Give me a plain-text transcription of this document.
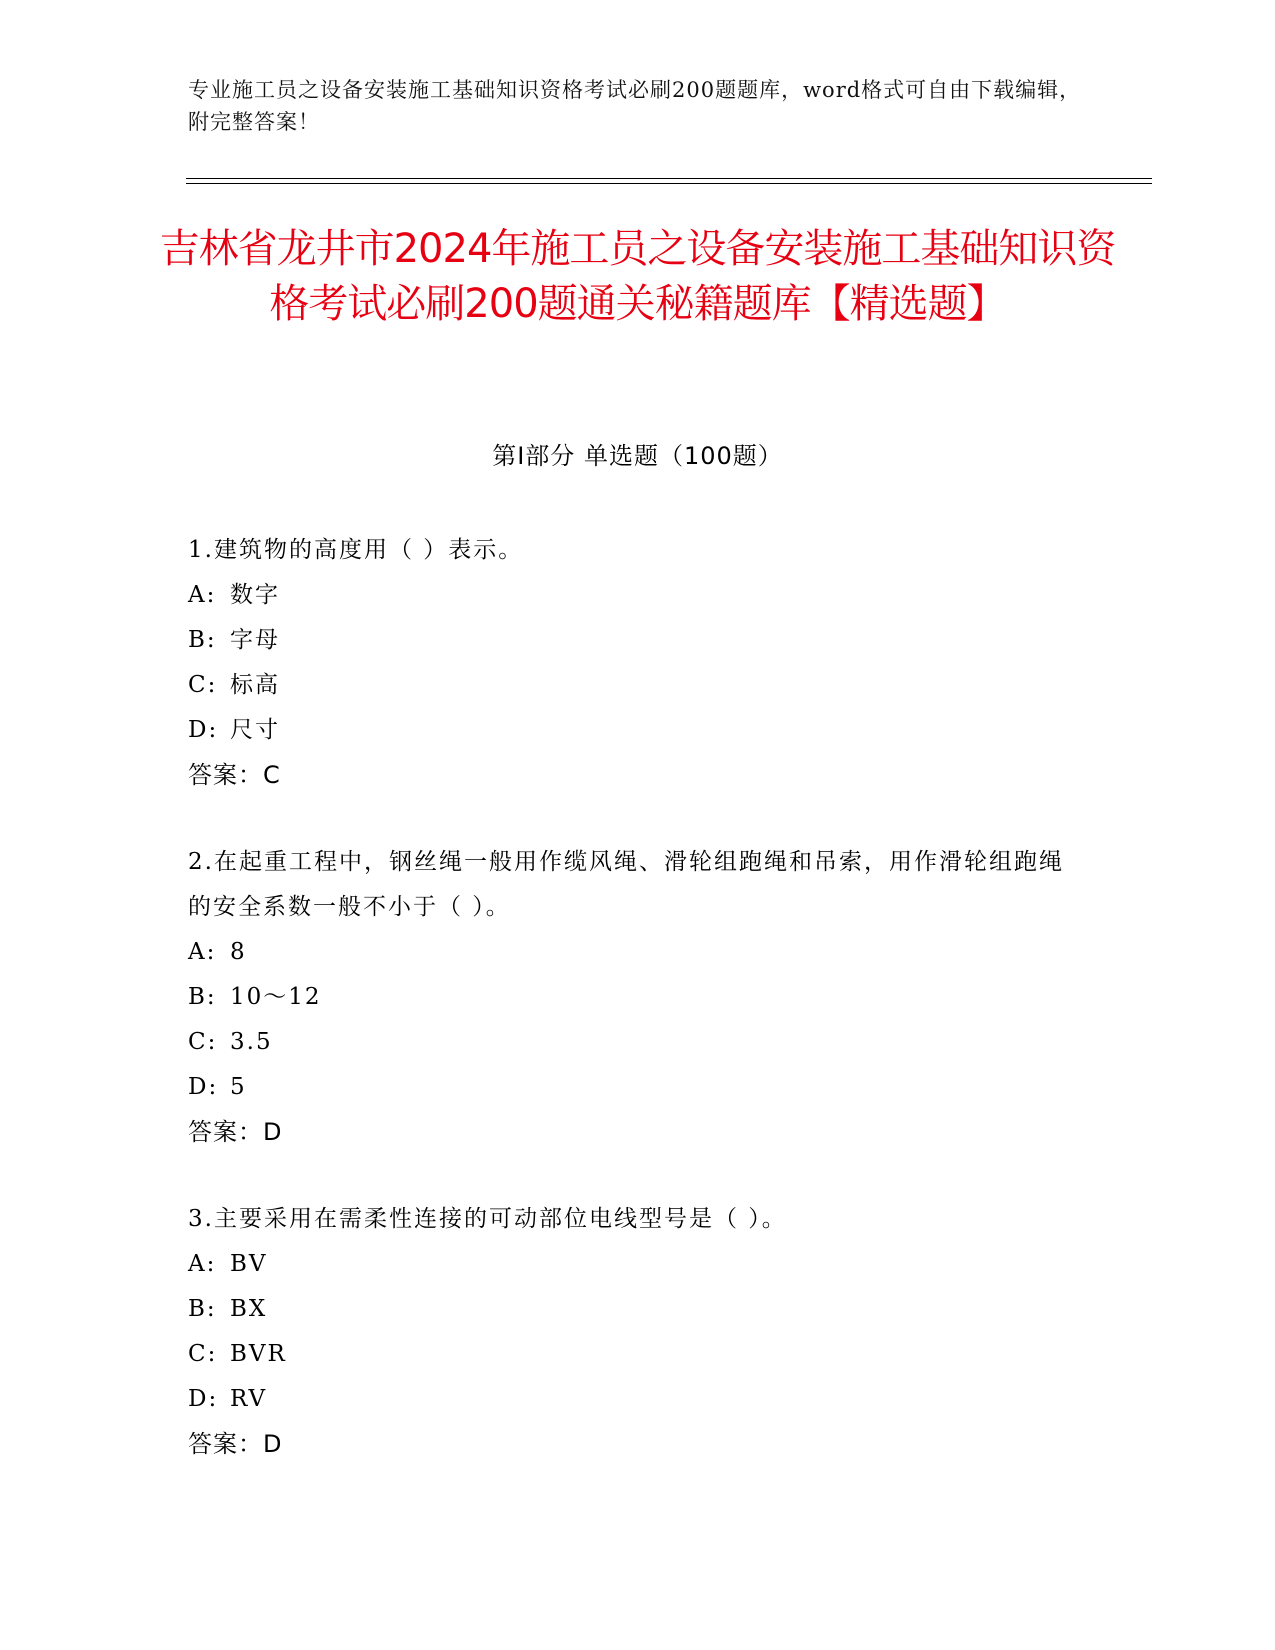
专业施工员之设备安装施工基础知识资格考试必刷200题题库，word格式可自由下载编辑，附完整答案！
吉林省龙井市2024年施工员之设备安装施工基础知识资格考试必刷200题通关秘籍题库【精选题】
第Ⅰ部分 单选题（100题）
1.建筑物的高度用（ ）表示。
A: 数字
B: 字母
C: 标高
D: 尺寸
答案：C
2.在起重工程中，钢丝绳一般用作缆风绳、滑轮组跑绳和吊索，用作滑轮组跑绳的安全系数一般不小于（ ）。
A: 8
B: 10～12
C: 3.5
D: 5
答案：D
3.主要采用在需柔性连接的可动部位电线型号是（ ）。
A: BV
B: BX
C: BVR
D: RV
答案：D
